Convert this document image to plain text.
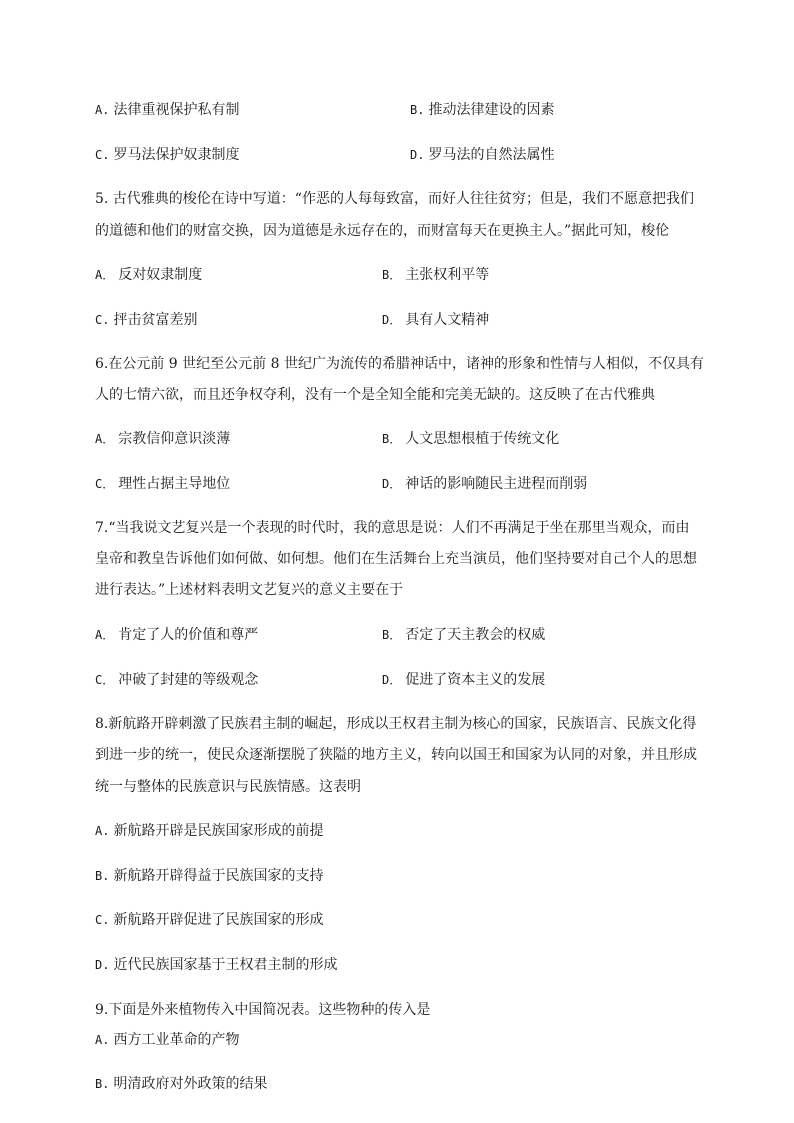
A. 法律重视保护私有制	B. 推动法律建设的因素
C. 罗马法保护奴隶制度	D. 罗马法的自然法属性
5. 古代雅典的梭伦在诗中写道：“作恶的人每每致富，而好人往往贫穷；但是，我们不愿意把我们
的道德和他们的财富交换，因为道德是永远存在的，而财富每天在更换主人。”据此可知，梭伦
A． 反对奴隶制度	B． 主张权利平等
C. 抨击贫富差别	D． 具有人文精神
6.在公元前 9 世纪至公元前 8 世纪广为流传的希腊神话中，诸神的形象和性情与人相似，不仅具有
人的七情六欲，而且还争权夺利，没有一个是全知全能和完美无缺的。这反映了在古代雅典
A． 宗教信仰意识淡薄	B． 人文思想根植于传统文化
C． 理性占据主导地位	D． 神话的影响随民主进程而削弱
7.“当我说文艺复兴是一个表现的时代时，我的意思是说：人们不再满足于坐在那里当观众，而由
皇帝和教皇告诉他们如何做、如何想。他们在生活舞台上充当演员，他们坚持要对自己个人的思想
进行表达。”上述材料表明文艺复兴的意义主要在于
A． 肯定了人的价值和尊严	B． 否定了天主教会的权威
C． 冲破了封建的等级观念	D． 促进了资本主义的发展
8.新航路开辟刺激了民族君主制的崛起，形成以王权君主制为核心的国家，民族语言、民族文化得
到进一步的统一，使民众逐渐摆脱了狭隘的地方主义，转向以国王和国家为认同的对象，并且形成
统一与整体的民族意识与民族情感。这表明
A. 新航路开辟是民族国家形成的前提
B. 新航路开辟得益于民族国家的支持
C. 新航路开辟促进了民族国家的形成
D. 近代民族国家基于王权君主制的形成
9.下面是外来植物传入中国简况表。这些物种的传入是
A. 西方工业革命的产物
B. 明清政府对外政策的结果
